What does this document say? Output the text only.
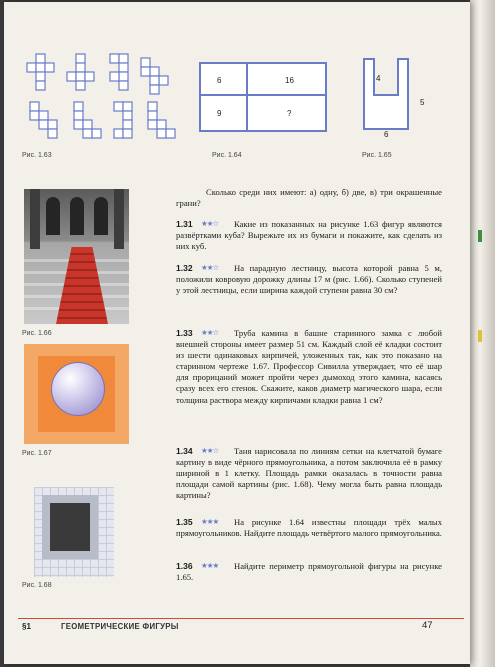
Рис. 1.63
6	16
9	?
Рис. 1.64
4
5
6
Рис. 1.65
Рис. 1.66
Рис. 1.67
Рис. 1.68
Сколько среди них имеют: а) одну, б) две, в) три окрашенные грани?
1.31 ★★☆	Какие из показанных на рисунке 1.63 фигур являются развёртками куба? Вырежьте их из бумаги и покажите, как сделать из них куб.
1.32 ★★☆	На парадную лестницу, высота которой равна 5 м, положили ковровую дорожку длины 17 м (рис. 1.66). Сколько ступеней у этой лестницы, если ширина каждой ступени равна 30 см?
1.33 ★★☆	Труба камина в башне старинного замка с любой внешней стороны имеет размер 51 см. Каждый слой её кладки состоит из шести одинаковых кирпичей, уложенных так, как это показано на старинном чертеже 1.67. Профессор Сивилла утверждает, что её шар для прорицаний может пройти через дымоход этого камина, касаясь сразу всех его стенок. Скажите, каков диаметр магического шара, если толщина раствора между кирпичами кладки равна 1 см?
1.34 ★★☆	Таня нарисовала по линиям сетки на клетчатой бумаге картину в виде чёрного прямоугольника, а потом заключила её в рамку шириной в 1 клетку. Площадь рамки оказалась в точности равна площади самой картины (рис. 1.68). Чему могла быть равна площадь картины?
1.35 ★★★	На рисунке 1.64 известны площади трёх малых прямоугольников. Найдите площадь четвёртого малого прямоугольника.
1.36 ★★★	Найдите периметр прямоугольной фигуры на рисунке 1.65.
§1	ГЕОМЕТРИЧЕСКИЕ ФИГУРЫ	47
